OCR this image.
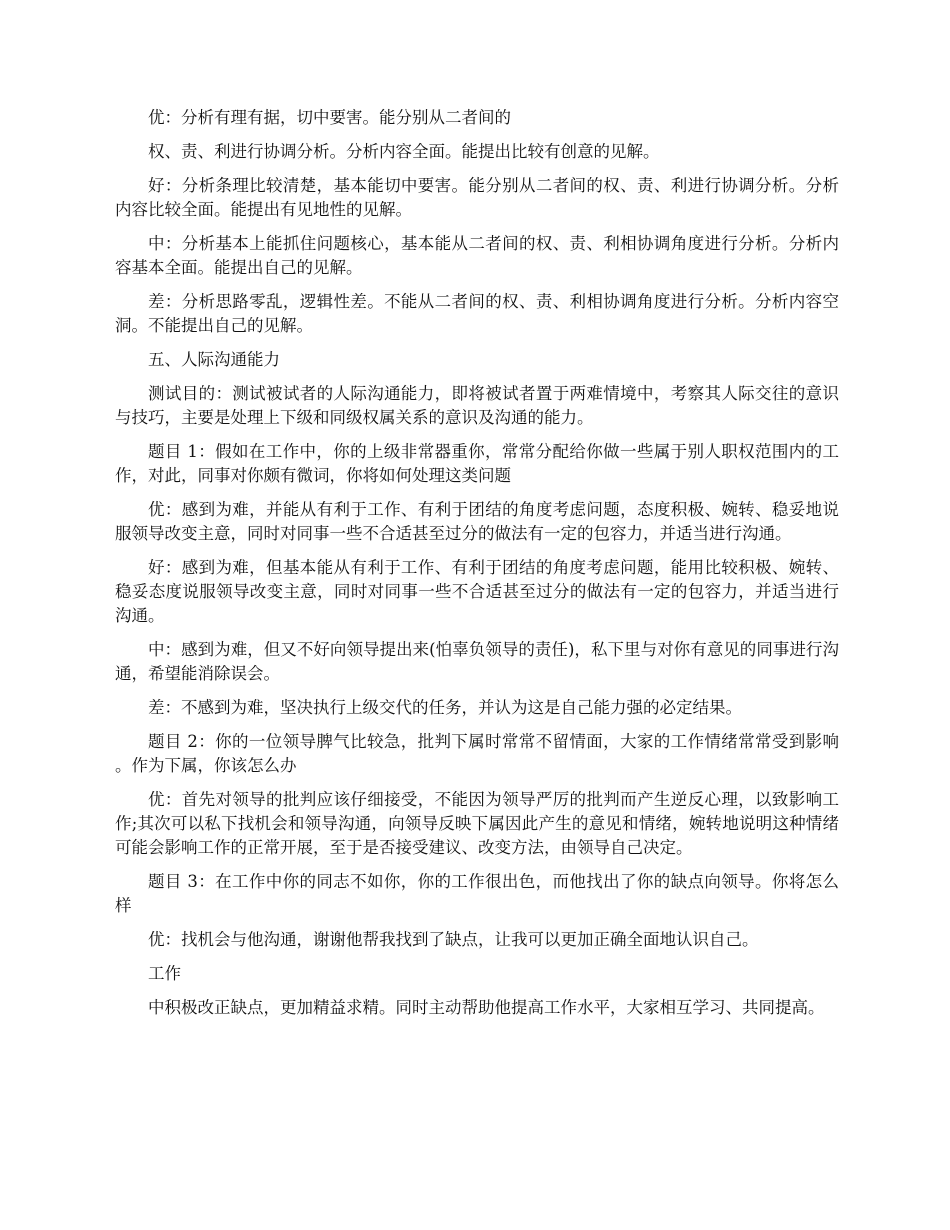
优：分析有理有据，切中要害。能分别从二者间的

权、责、利进行协调分析。分析内容全面。能提出比较有创意的见解。

好：分析条理比较清楚，基本能切中要害。能分别从二者间的权、责、利进行协调分析。分析内容比较全面。能提出有见地性的见解。

中：分析基本上能抓住问题核心，基本能从二者间的权、责、利相协调角度进行分析。分析内容基本全面。能提出自己的见解。

差：分析思路零乱，逻辑性差。不能从二者间的权、责、利相协调角度进行分析。分析内容空洞。不能提出自己的见解。

五、人际沟通能力

测试目的：测试被试者的人际沟通能力，即将被试者置于两难情境中，考察其人际交往的意识与技巧，主要是处理上下级和同级权属关系的意识及沟通的能力。

题目 1：假如在工作中，你的上级非常器重你，常常分配给你做一些属于别人职权范围内的工作，对此，同事对你颇有微词，你将如何处理这类问题

优：感到为难，并能从有利于工作、有利于团结的角度考虑问题，态度积极、婉转、稳妥地说服领导改变主意，同时对同事一些不合适甚至过分的做法有一定的包容力，并适当进行沟通。

好：感到为难，但基本能从有利于工作、有利于团结的角度考虑问题，能用比较积极、婉转、稳妥态度说服领导改变主意，同时对同事一些不合适甚至过分的做法有一定的包容力，并适当进行沟通。

中：感到为难，但又不好向领导提出来(怕辜负领导的责任)，私下里与对你有意见的同事进行沟通，希望能消除误会。

差：不感到为难，坚决执行上级交代的任务，并认为这是自己能力强的必定结果。

题目 2：你的一位领导脾气比较急，批判下属时常常不留情面，大家的工作情绪常常受到影响。作为下属，你该怎么办

优：首先对领导的批判应该仔细接受，不能因为领导严厉的批判而产生逆反心理，以致影响工作;其次可以私下找机会和领导沟通，向领导反映下属因此产生的意见和情绪，婉转地说明这种情绪可能会影响工作的正常开展，至于是否接受建议、改变方法，由领导自己决定。

题目 3：在工作中你的同志不如你，你的工作很出色，而他找出了你的缺点向领导。你将怎么样

优：找机会与他沟通，谢谢他帮我找到了缺点，让我可以更加正确全面地认识自己。

工作

中积极改正缺点，更加精益求精。同时主动帮助他提高工作水平，大家相互学习、共同提高。
